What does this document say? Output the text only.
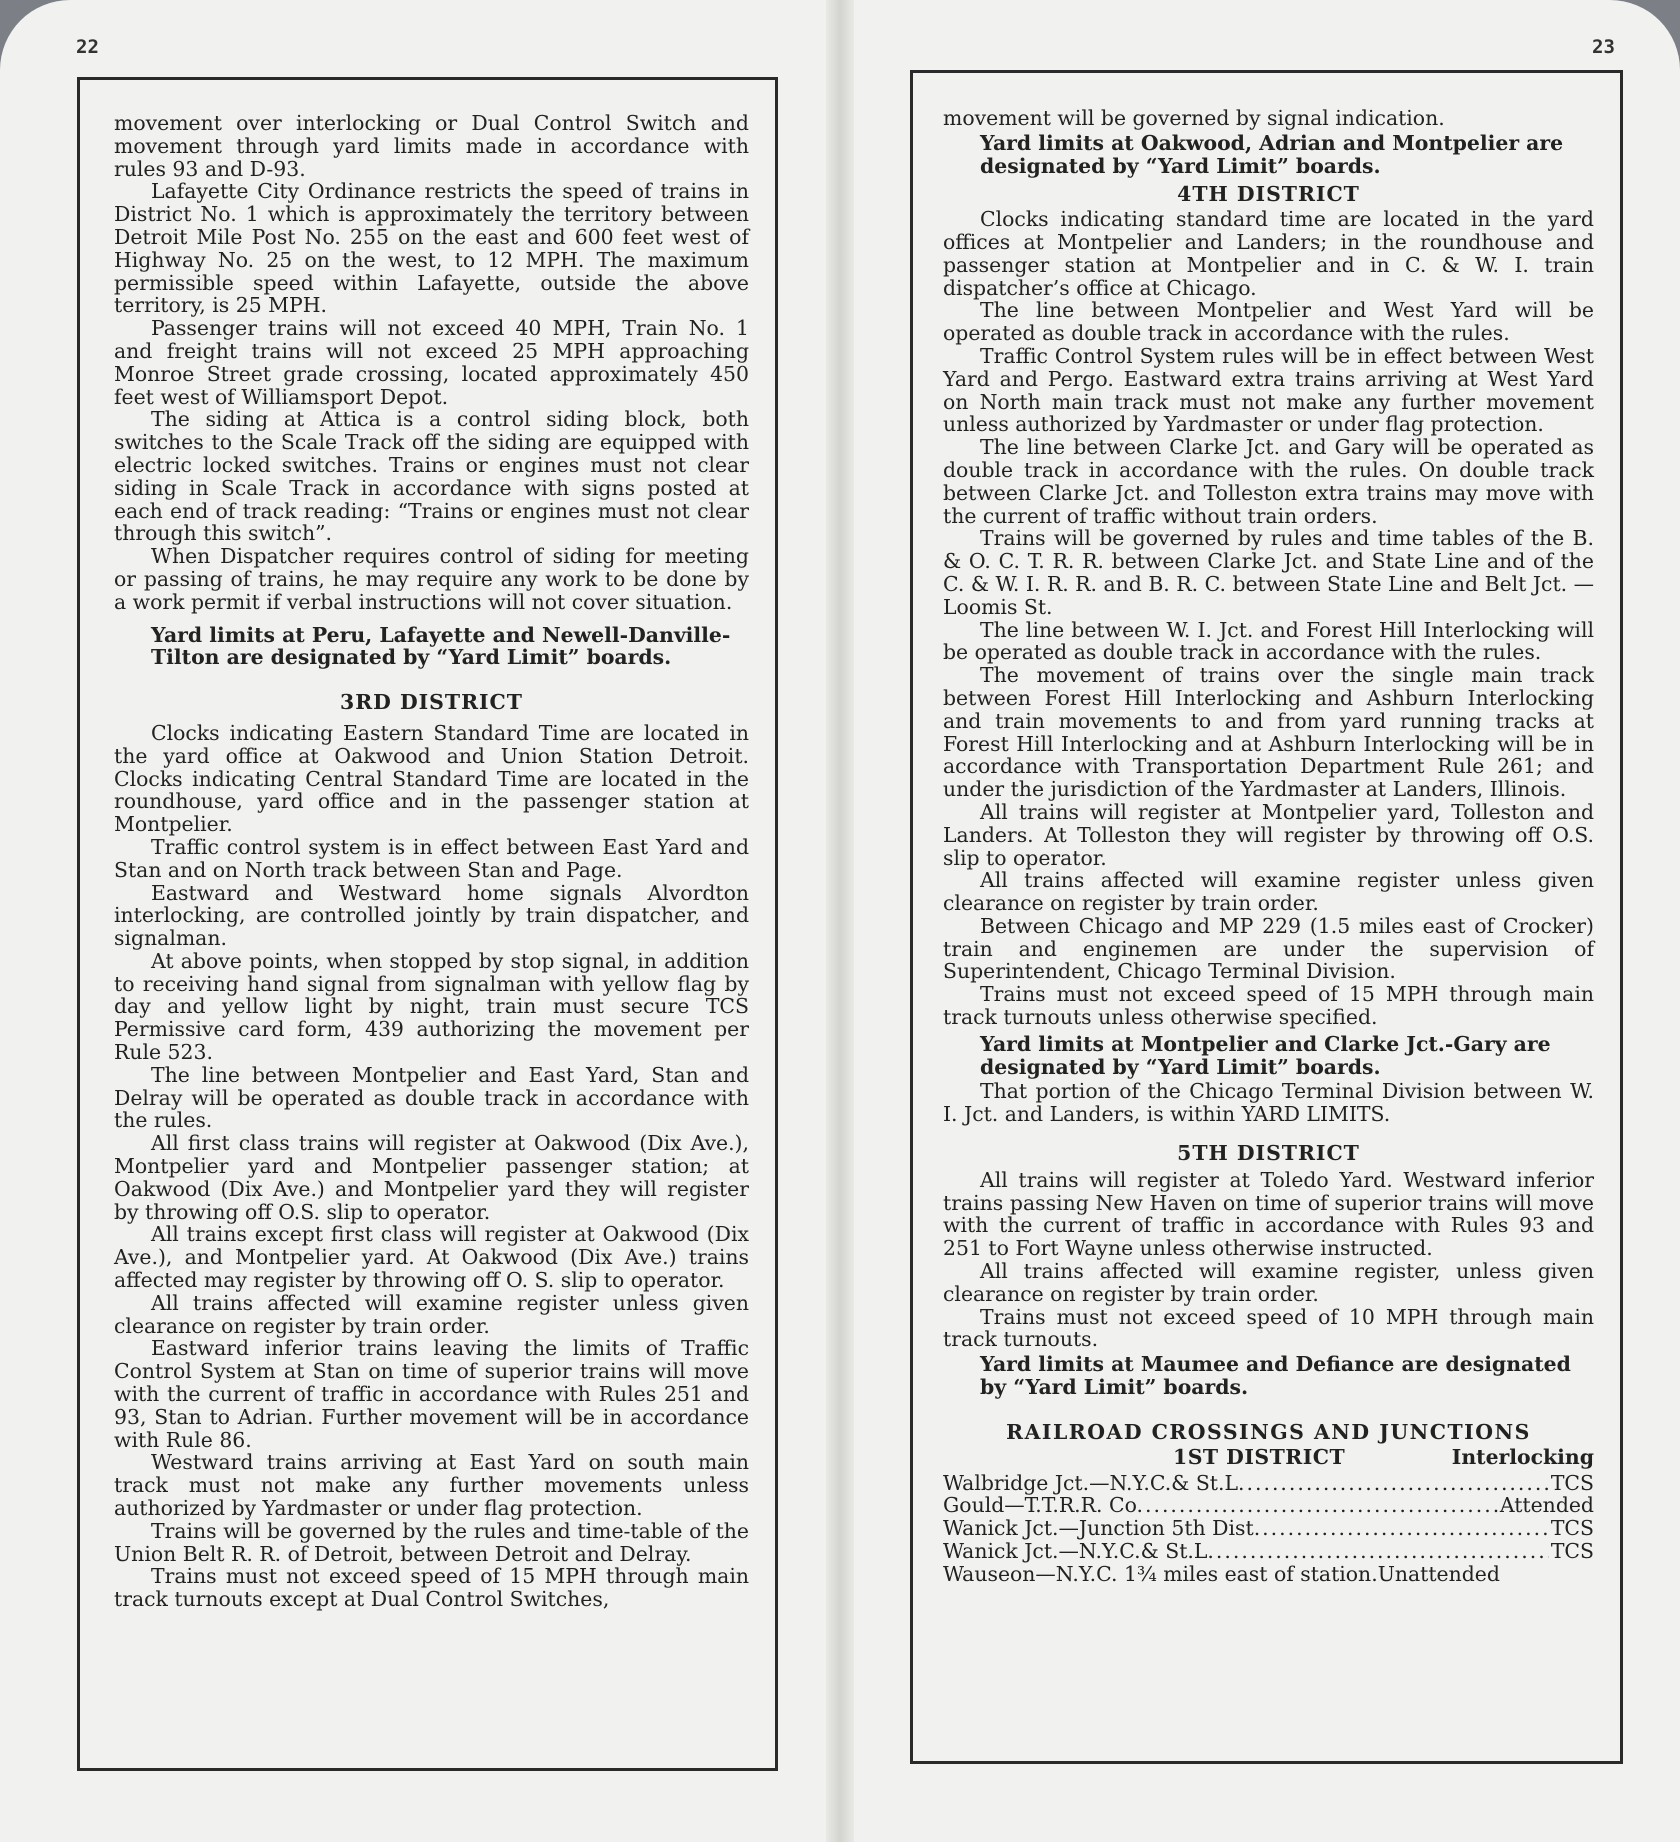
22

movement over interlocking or Dual Control Switch and movement through yard limits made in accordance with rules 93 and D-93.

Lafayette City Ordinance restricts the speed of trains in District No. 1 which is approximately the territory between Detroit Mile Post No. 255 on the east and 600 feet west of Highway No. 25 on the west, to 12 MPH. The maximum permissible speed within Lafayette, outside the above territory, is 25 MPH.

Passenger trains will not exceed 40 MPH, Train No. 1 and freight trains will not exceed 25 MPH approaching Monroe Street grade crossing, located approximately 450 feet west of Williamsport Depot.

The siding at Attica is a control siding block, both switches to the Scale Track off the siding are equipped with electric locked switches. Trains or engines must not clear siding in Scale Track in accordance with signs posted at each end of track reading: “Trains or engines must not clear through this switch”.

When Dispatcher requires control of siding for meeting or passing of trains, he may require any work to be done by a work permit if verbal instructions will not cover situation.

Yard limits at Peru, Lafayette and Newell-Danville-Tilton are designated by “Yard Limit” boards.

3RD DISTRICT

Clocks indicating Eastern Standard Time are located in the yard office at Oakwood and Union Station Detroit. Clocks indicating Central Standard Time are located in the roundhouse, yard office and in the passenger station at Montpelier.

Traffic control system is in effect between East Yard and Stan and on North track between Stan and Page.

Eastward and Westward home signals Alvordton interlocking, are controlled jointly by train dispatcher, and signalman.

At above points, when stopped by stop signal, in addition to receiving hand signal from signalman with yellow flag by day and yellow light by night, train must secure TCS Permissive card form, 439 authorizing the movement per Rule 523.

The line between Montpelier and East Yard, Stan and Delray will be operated as double track in accordance with the rules.

All first class trains will register at Oakwood (Dix Ave.), Montpelier yard and Montpelier passenger station; at Oakwood (Dix Ave.) and Montpelier yard they will register by throwing off O.S. slip to operator.

All trains except first class will register at Oakwood (Dix Ave.), and Montpelier yard. At Oakwood (Dix Ave.) trains affected may register by throwing off O. S. slip to operator.

All trains affected will examine register unless given clearance on register by train order.

Eastward inferior trains leaving the limits of Traffic Control System at Stan on time of superior trains will move with the current of traffic in accordance with Rules 251 and 93, Stan to Adrian. Further movement will be in accordance with Rule 86.

Westward trains arriving at East Yard on south main track must not make any further movements unless authorized by Yardmaster or under flag protection.

Trains will be governed by the rules and time-table of the Union Belt R. R. of Detroit, between Detroit and Delray.

Trains must not exceed speed of 15 MPH through main track turnouts except at Dual Control Switches,

23

movement will be governed by signal indication.

Yard limits at Oakwood, Adrian and Montpelier are designated by “Yard Limit” boards.

4TH DISTRICT

Clocks indicating standard time are located in the yard offices at Montpelier and Landers; in the roundhouse and passenger station at Montpelier and in C. & W. I. train dispatcher’s office at Chicago.

The line between Montpelier and West Yard will be operated as double track in accordance with the rules.

Traffic Control System rules will be in effect between West Yard and Pergo. Eastward extra trains arriving at West Yard on North main track must not make any further movement unless authorized by Yardmaster or under flag protection.

The line between Clarke Jct. and Gary will be operated as double track in accordance with the rules. On double track between Clarke Jct. and Tolleston extra trains may move with the current of traffic without train orders.

Trains will be governed by rules and time tables of the B. & O. C. T. R. R. between Clarke Jct. and State Line and of the C. & W. I. R. R. and B. R. C. between State Line and Belt Jct. — Loomis St.

The line between W. I. Jct. and Forest Hill Interlocking will be operated as double track in accordance with the rules.

The movement of trains over the single main track between Forest Hill Interlocking and Ashburn Interlocking and train movements to and from yard running tracks at Forest Hill Interlocking and at Ashburn Interlocking will be in accordance with Transportation Department Rule 261; and under the jurisdiction of the Yardmaster at Landers, Illinois.

All trains will register at Montpelier yard, Tolleston and Landers. At Tolleston they will register by throwing off O.S. slip to operator.

All trains affected will examine register unless given clearance on register by train order.

Between Chicago and MP 229 (1.5 miles east of Crocker) train and enginemen are under the supervision of Superintendent, Chicago Terminal Division.

Trains must not exceed speed of 15 MPH through main track turnouts unless otherwise specified.

Yard limits at Montpelier and Clarke Jct.-Gary are designated by “Yard Limit” boards.

That portion of the Chicago Terminal Division between W. I. Jct. and Landers, is within YARD LIMITS.

5TH DISTRICT

All trains will register at Toledo Yard. Westward inferior trains passing New Haven on time of superior trains will move with the current of traffic in accordance with Rules 93 and 251 to Fort Wayne unless otherwise instructed.

All trains affected will examine register, unless given clearance on register by train order.

Trains must not exceed speed of 10 MPH through main track turnouts.

Yard limits at Maumee and Defiance are designated by “Yard Limit” boards.

RAILROAD CROSSINGS AND JUNCTIONS
1ST DISTRICT	Interlocking
Walbridge Jct.—N.Y.C.& St.L. .....	TCS
Gould—T.T.R.R. Co. .....	Attended
Wanick Jct.—Junction 5th Dist. .....	TCS
Wanick Jct.—N.Y.C.& St.L. .....	TCS
Wauseon—N.Y.C. 1¾ miles east of station. Unattended
